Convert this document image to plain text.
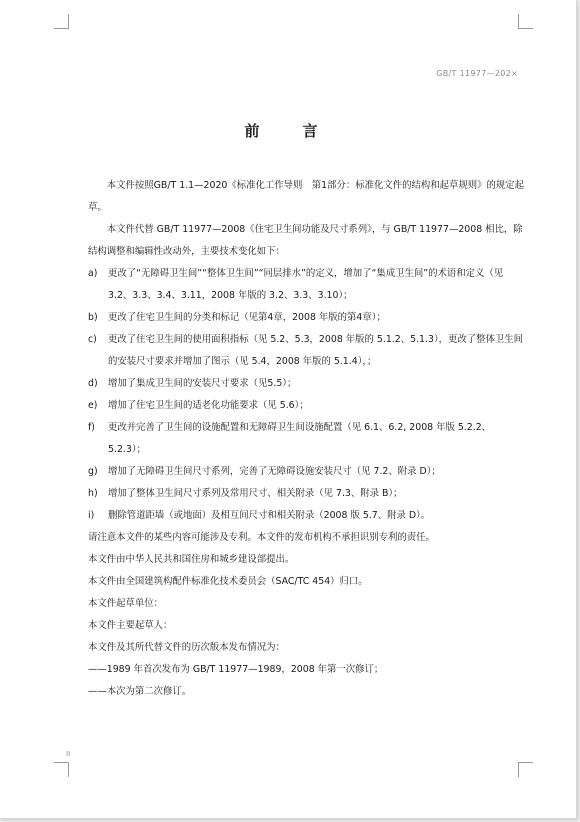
GB/T 11977—202×
前　言

本文件按照GB/T 1.1—2020《标准化工作导则　第1部分：标准化文件的结构和起草规则》的规定起草。

本文件代替 GB/T 11977—2008《住宅卫生间功能及尺寸系列》，与 GB/T 11977—2008 相比，除结构调整和编辑性改动外，主要技术变化如下：

a) 更改了“无障碍卫生间”“整体卫生间”“同层排水”的定义，增加了“集成卫生间”的术语和定义（见3.2、3.3、3.4、3.11，2008 年版的 3.2、3.3、3.10）；
b) 更改了住宅卫生间的分类和标记（见第4章，2008 年版的第4章）；
c) 更改了住宅卫生间的使用面积指标（见 5.2、5.3，2008 年版的 5.1.2、5.1.3），更改了整体卫生间的安装尺寸要求并增加了图示（见 5.4，2008 年版的 5.1.4），；
d) 增加了集成卫生间的安装尺寸要求（见5.5）；
e) 增加了住宅卫生间的适老化功能要求（见 5.6）；
f) 更改并完善了卫生间的设施配置和无障碍卫生间设施配置（见 6.1、6.2, 2008 年版 5.2.2、5.2.3）；
g) 增加了无障碍卫生间尺寸系列，完善了无障碍设施安装尺寸（见 7.2、附录 D）；
h) 增加了整体卫生间尺寸系列及常用尺寸、相关附录（见 7.3、附录 B）；
i) 删除管道距墙（或地面）及相互间尺寸和相关附录（2008 版 5.7、附录 D）。

请注意本文件的某些内容可能涉及专利。本文件的发布机构不承担识别专利的责任。

本文件由中华人民共和国住房和城乡建设部提出。

本文件由全国建筑构配件标准化技术委员会（SAC/TC 454）归口。

本文件起草单位：

本文件主要起草人：

本文件及其所代替文件的历次版本发布情况为：

——1989 年首次发布为 GB/T 11977—1989，2008 年第一次修订；

——本次为第二次修订。

II
